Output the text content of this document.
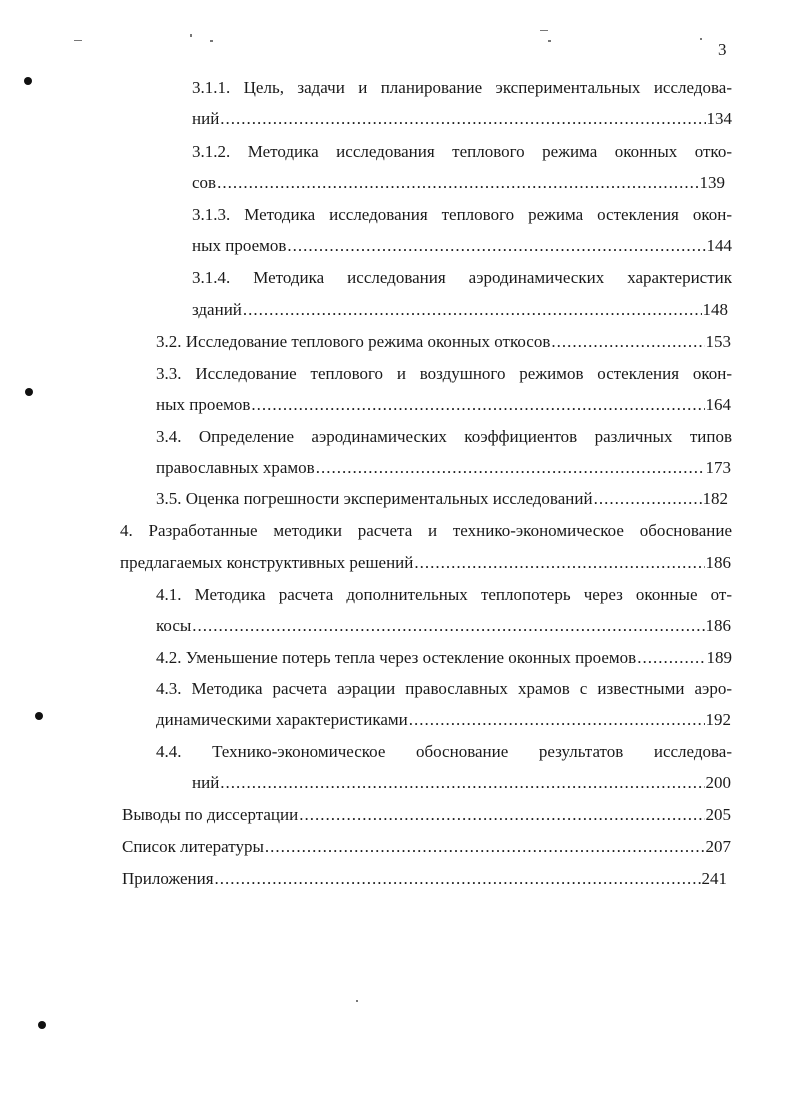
3
3.1.1. Цель, задачи и планирование экспериментальных исследова-
ний .....	134
3.1.2. Методика исследования теплового режима оконных отко-
сов .....	139
3.1.3. Методика исследования теплового режима остекления окон-
ных проемов .....	144
3.1.4. Методика исследования аэродинамических характеристик
зданий .....	148
3.2. Исследование теплового режима оконных откосов .....	153
3.3. Исследование теплового и воздушного режимов остекления окон-
ных проемов .....	164
3.4. Определение аэродинамических коэффициентов различных типов
православных храмов .....	173
3.5. Оценка погрешности экспериментальных исследований .....	182
4. Разработанные методики расчета и технико-экономическое обоснование
предлагаемых конструктивных решений .....	186
4.1. Методика расчета дополнительных теплопотерь через оконные от-
косы .....	186
4.2. Уменьшение потерь тепла через остекление оконных проемов .....	189
4.3. Методика расчета аэрации православных храмов с известными аэро-
динамическими характеристиками .....	192
4.4. Технико-экономическое обоснование результатов исследова-
ний .....	200
Выводы по диссертации .....	205
Список литературы .....	207
Приложения .....	241
